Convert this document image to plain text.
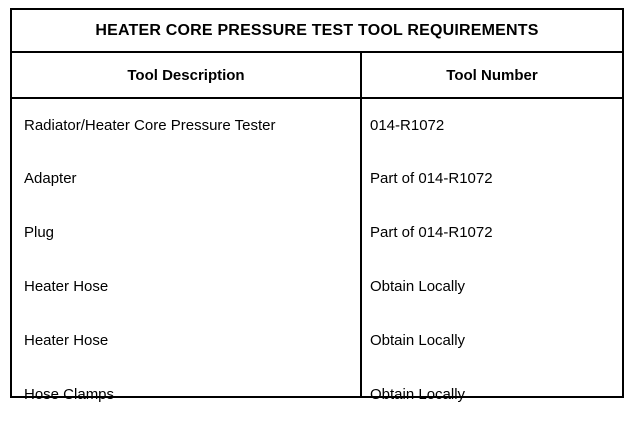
HEATER CORE PRESSURE TEST TOOL REQUIREMENTS
Tool Description	Tool Number
Radiator/Heater Core Pressure Tester
Adapter
Plug
Heater Hose
Heater Hose
Hose Clamps
014-R1072
Part of 014-R1072
Part of 014-R1072
Obtain Locally
Obtain Locally
Obtain Locally
